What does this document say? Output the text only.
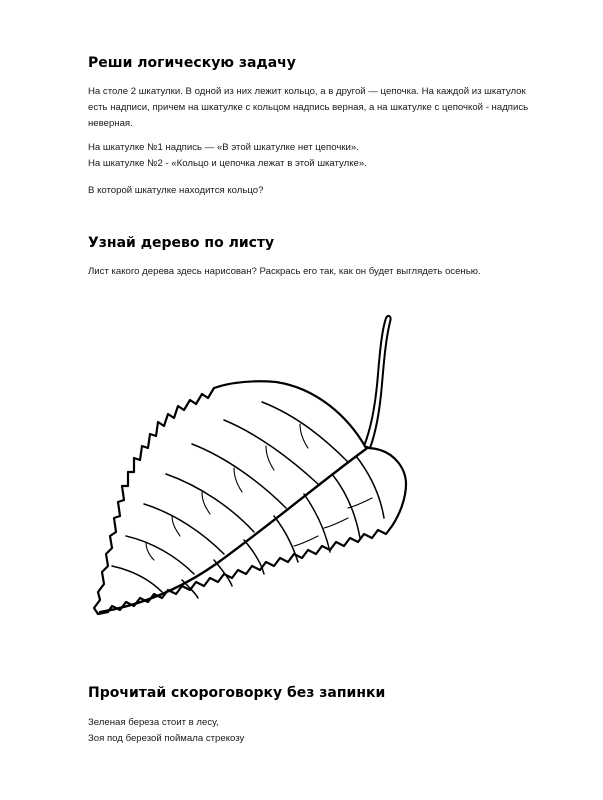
Реши логическую задачу

На столе 2 шкатулки. В одной из них лежит кольцо, а в другой — цепочка. На каждой из шкатулок
есть надписи, причем на шкатулке с кольцом надпись верная, а на шкатулке с цепочкой - надпись
неверная.

На шкатулке №1 надпись — «В этой шкатулке нет цепочки».
На шкатулке №2 - «Кольцо и цепочка лежат в этой шкатулке».

В которой шкатулке находится кольцо?

Узнай дерево по листу

Лист какого дерева здесь нарисован? Раскрась его так, как он будет выглядеть осенью.

Прочитай скороговорку без запинки

Зеленая береза стоит в лесу,
Зоя под березой поймала стрекозу
